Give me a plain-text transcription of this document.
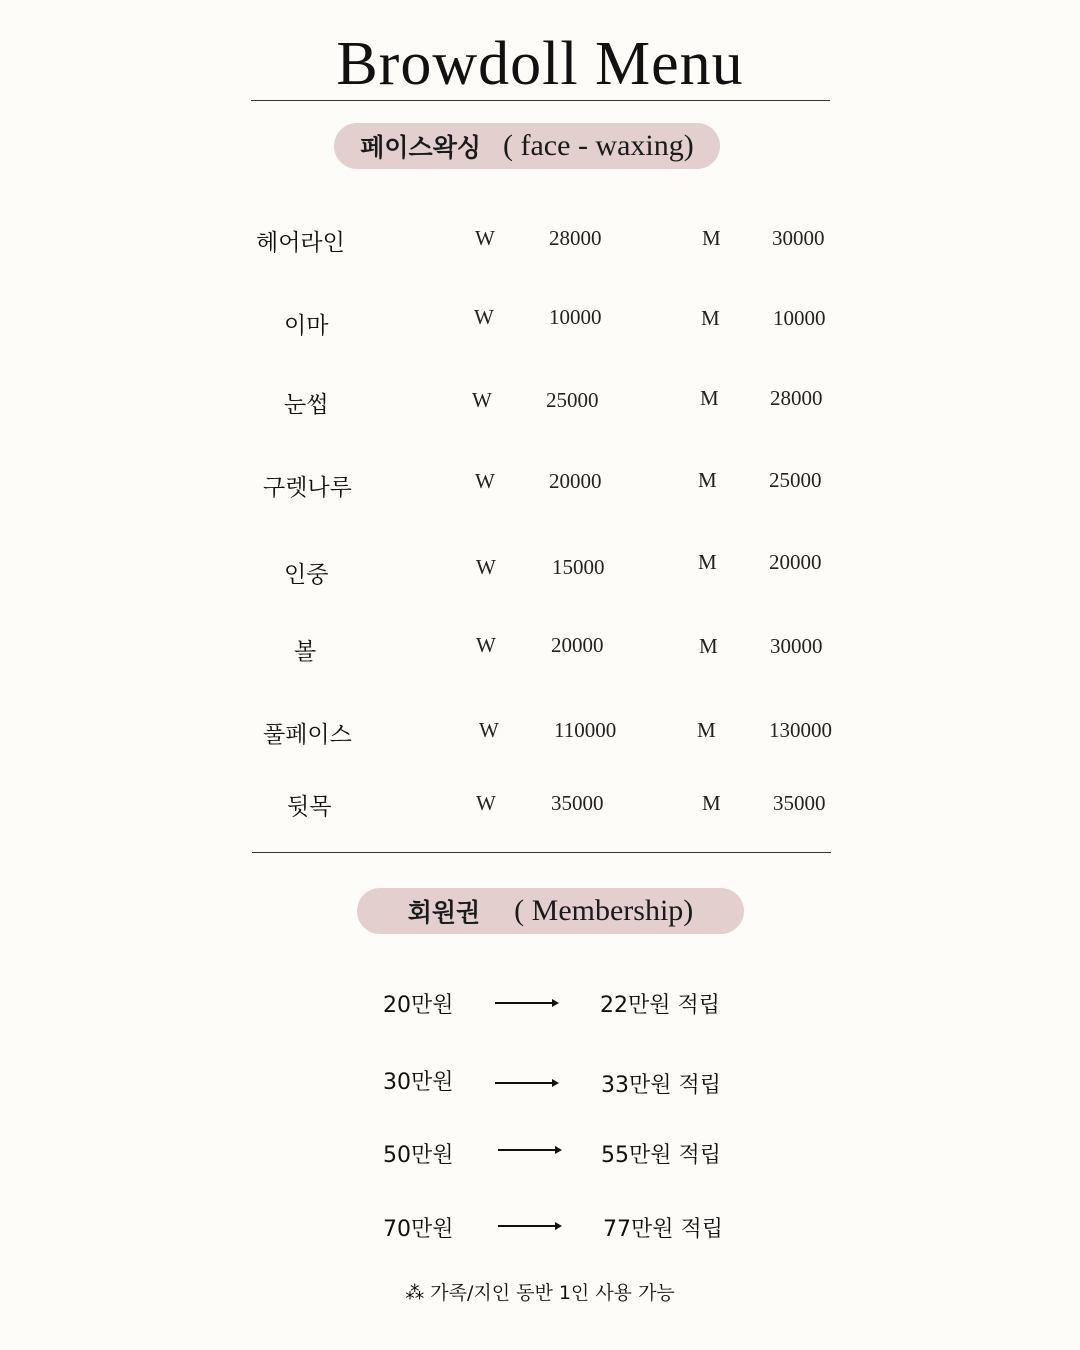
Browdoll Menu
페이스왁싱 ( face - waxing)
헤어라인	W	28000	M 30000
이마	W	10000	M	10000
눈썹	W	25000	M 28000
구렛나루	W	20000	M 25000
인중	W	15000	M 20000
볼	W	20000	M 30000
풀페이스	W	110000	M	130000
뒷목	W	35000	M 35000
회원권 ( Membership)
20만원	22만원 적립
30만원	33만원 적립
50만원	55만원 적립
70만원	77만원 적립
⁂ 가족/지인 동반 1인 사용 가능
